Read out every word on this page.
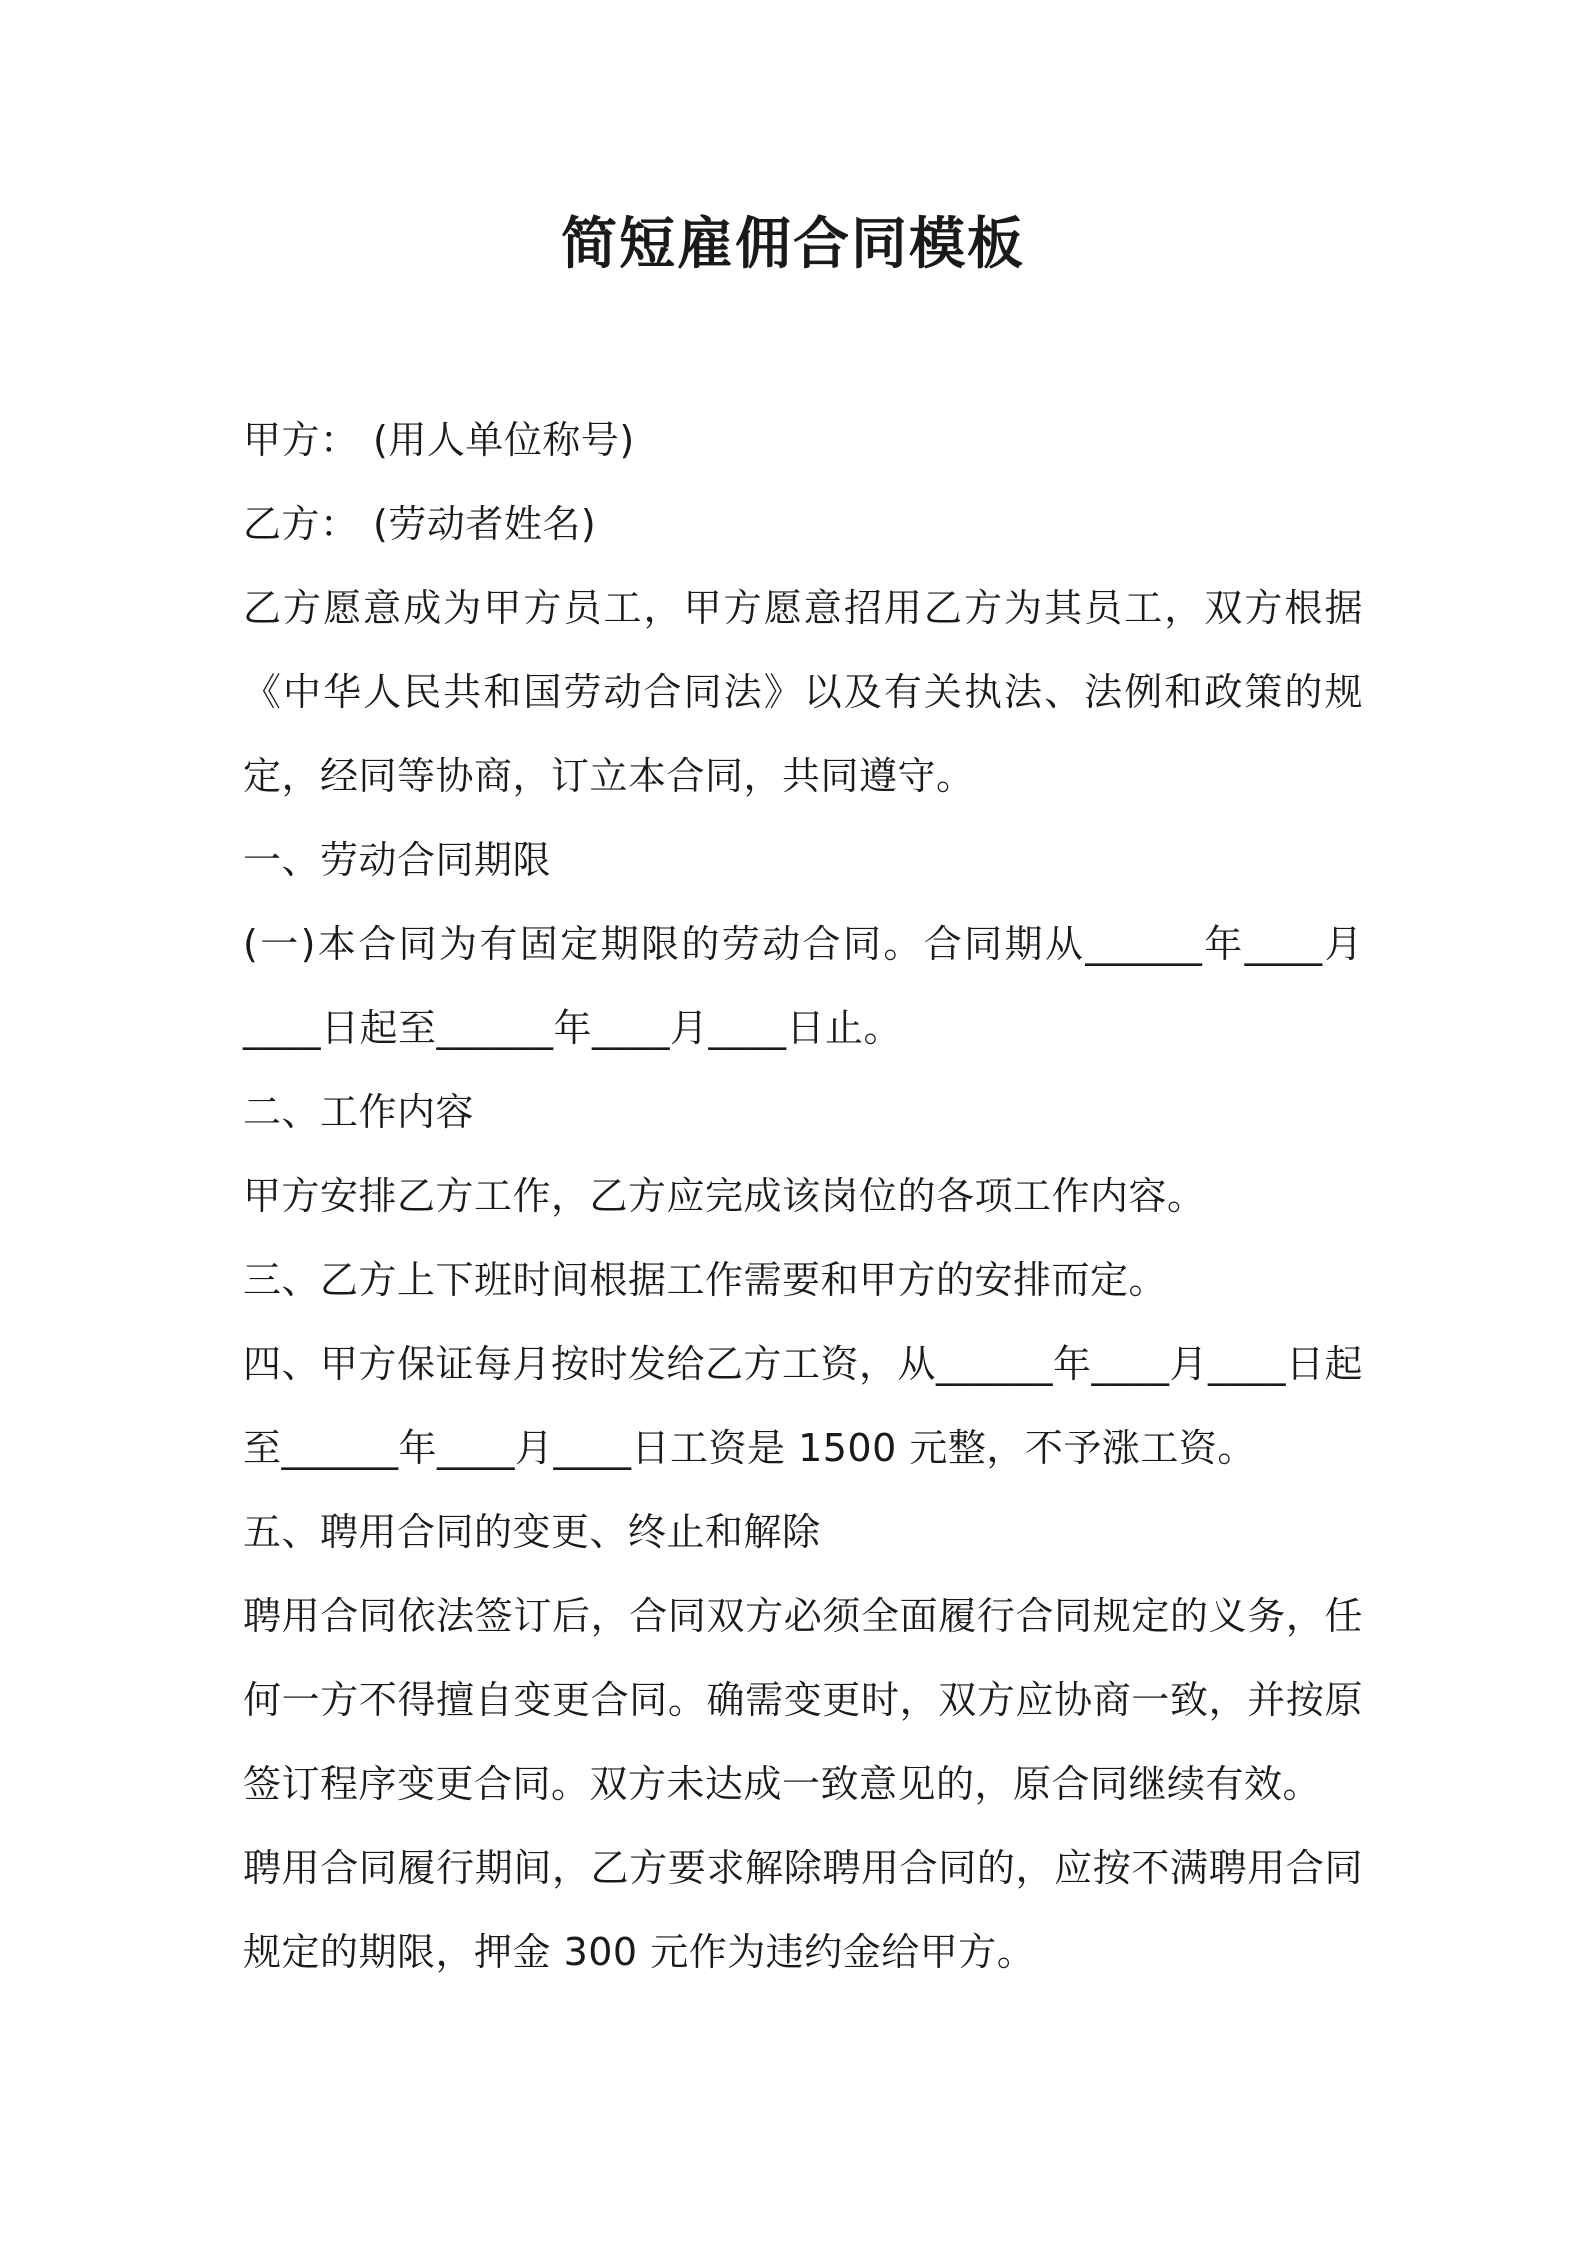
简短雇佣合同模板

甲方： (用人单位称号)

乙方： (劳动者姓名)

乙方愿意成为甲方员工，甲方愿意招用乙方为其员工，双方根据《中华人民共和国劳动合同法》以及有关执法、法例和政策的规定，经同等协商，订立本合同，共同遵守。

一、劳动合同期限

(一)本合同为有固定期限的劳动合同。合同期从______年____月____日起至______年____月____日止。

二、工作内容

甲方安排乙方工作，乙方应完成该岗位的各项工作内容。

三、乙方上下班时间根据工作需要和甲方的安排而定。

四、甲方保证每月按时发给乙方工资，从______年____月____日起至______年____月____日工资是 1500 元整，不予涨工资。

五、聘用合同的变更、终止和解除

聘用合同依法签订后，合同双方必须全面履行合同规定的义务，任何一方不得擅自变更合同。确需变更时，双方应协商一致，并按原签订程序变更合同。双方未达成一致意见的，原合同继续有效。

聘用合同履行期间，乙方要求解除聘用合同的，应按不满聘用合同规定的期限，押金 300 元作为违约金给甲方。
